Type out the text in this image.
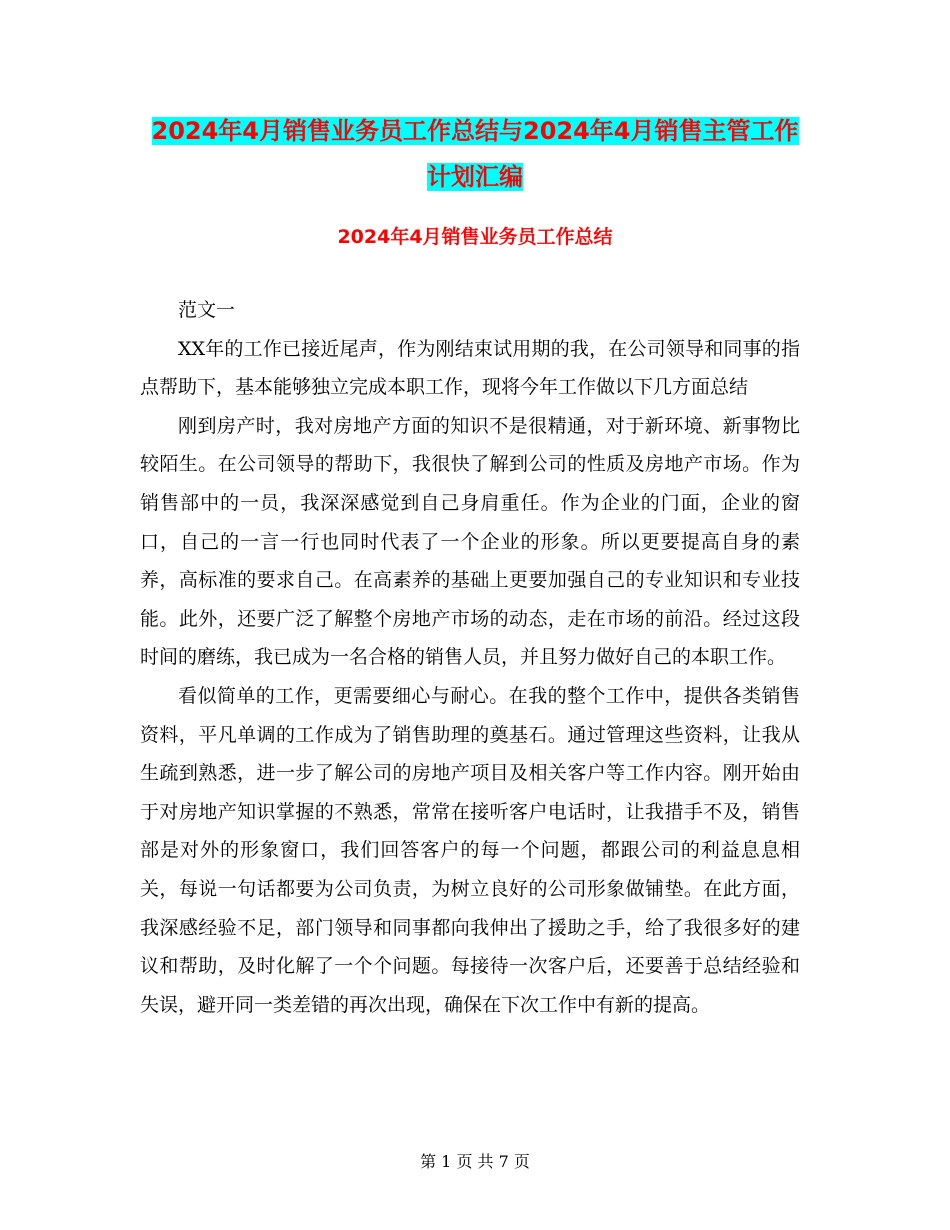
2024年4月销售业务员工作总结与2024年4月销售主管工作计划汇编
2024年4月销售业务员工作总结

范文一

XX年的工作已接近尾声，作为刚结束试用期的我，在公司领导和同事的指点帮助下，基本能够独立完成本职工作，现将今年工作做以下几方面总结

刚到房产时，我对房地产方面的知识不是很精通，对于新环境、新事物比较陌生。在公司领导的帮助下，我很快了解到公司的性质及房地产市场。作为销售部中的一员，我深深感觉到自己身肩重任。作为企业的门面，企业的窗口，自己的一言一行也同时代表了一个企业的形象。所以更要提高自身的素养，高标准的要求自己。在高素养的基础上更要加强自己的专业知识和专业技能。此外，还要广泛了解整个房地产市场的动态，走在市场的前沿。经过这段时间的磨练，我已成为一名合格的销售人员，并且努力做好自己的本职工作。

看似简单的工作，更需要细心与耐心。在我的整个工作中，提供各类销售资料，平凡单调的工作成为了销售助理的奠基石。通过管理这些资料，让我从生疏到熟悉，进一步了解公司的房地产项目及相关客户等工作内容。刚开始由于对房地产知识掌握的不熟悉，常常在接听客户电话时，让我措手不及，销售部是对外的形象窗口，我们回答客户的每一个问题，都跟公司的利益息息相关，每说一句话都要为公司负责，为树立良好的公司形象做铺垫。在此方面，我深感经验不足，部门领导和同事都向我伸出了援助之手，给了我很多好的建议和帮助，及时化解了一个个问题。每接待一次客户后，还要善于总结经验和失误，避开同一类差错的再次出现，确保在下次工作中有新的提高。

第 1 页 共 7 页
